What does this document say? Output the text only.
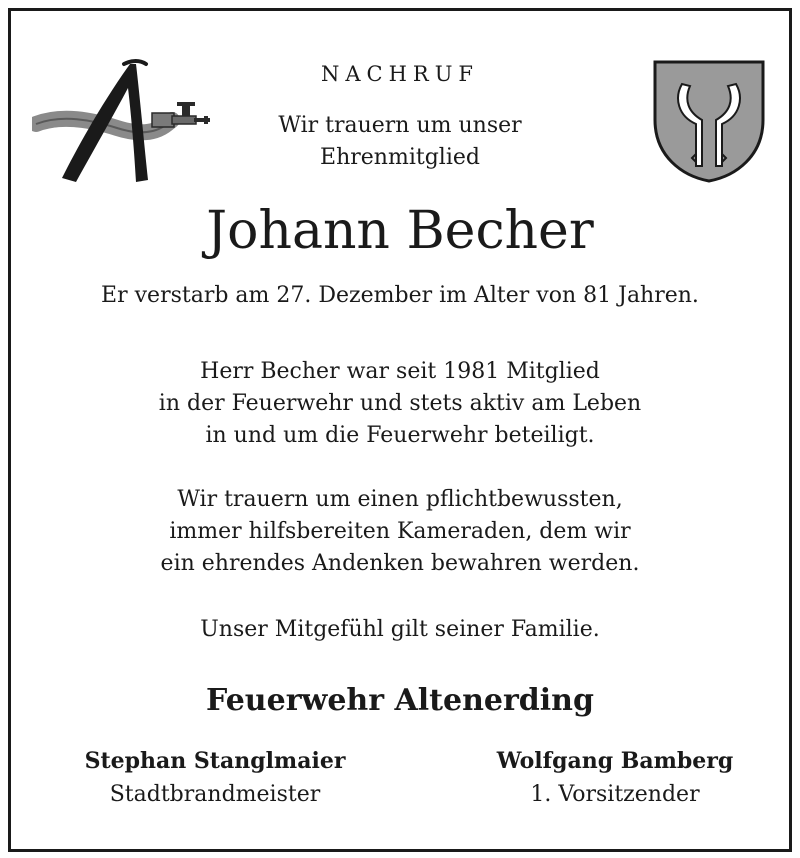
NACHRUF
Wir trauern um unser
Ehrenmitglied
Johann Becher
Er verstarb am 27. Dezember im Alter von 81 Jahren.
Herr Becher war seit 1981 Mitglied
in der Feuerwehr und stets aktiv am Leben
in und um die Feuerwehr beteiligt.
Wir trauern um einen pflichtbewussten,
immer hilfsbereiten Kameraden, dem wir
ein ehrendes Andenken bewahren werden.
Unser Mitgefühl gilt seiner Familie.
Feuerwehr Altenerding
Stephan Stanglmaier
Stadtbrandmeister
Wolfgang Bamberg
1. Vorsitzender
